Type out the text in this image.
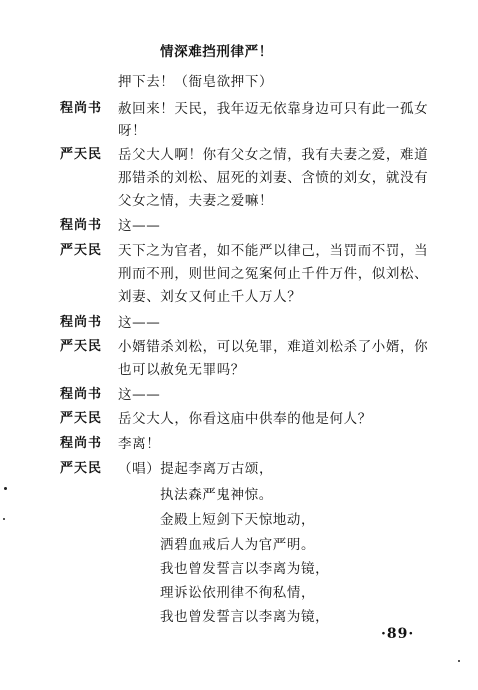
情深难挡刑律严！
押下去！（衙皂欲押下）
程尚书 赦回来！天民，我年迈无依靠身边可只有此一孤女
呀！
严天民 岳父大人啊！你有父女之情，我有夫妻之爱，难道
那错杀的刘松、屈死的刘妻、含愤的刘女，就没有
父女之情，夫妻之爱嘛！
程尚书 这——
严天民 天下之为官者，如不能严以律己，当罚而不罚，当
刑而不刑，则世间之冤案何止千件万件，似刘松、
刘妻、刘女又何止千人万人？
程尚书 这——
严天民 小婿错杀刘松，可以免罪，难道刘松杀了小婿，你
也可以赦免无罪吗？
程尚书 这——
严天民 岳父大人，你看这庙中供奉的他是何人？
程尚书 李离！
严天民 （唱）提起李离万古颂，
执法森严鬼神惊。
金殿上短剑下天惊地动，
洒碧血戒后人为官严明。
我也曾发誓言以李离为镜，
理诉讼依刑律不徇私情，
我也曾发誓言以李离为镜，
·89·
